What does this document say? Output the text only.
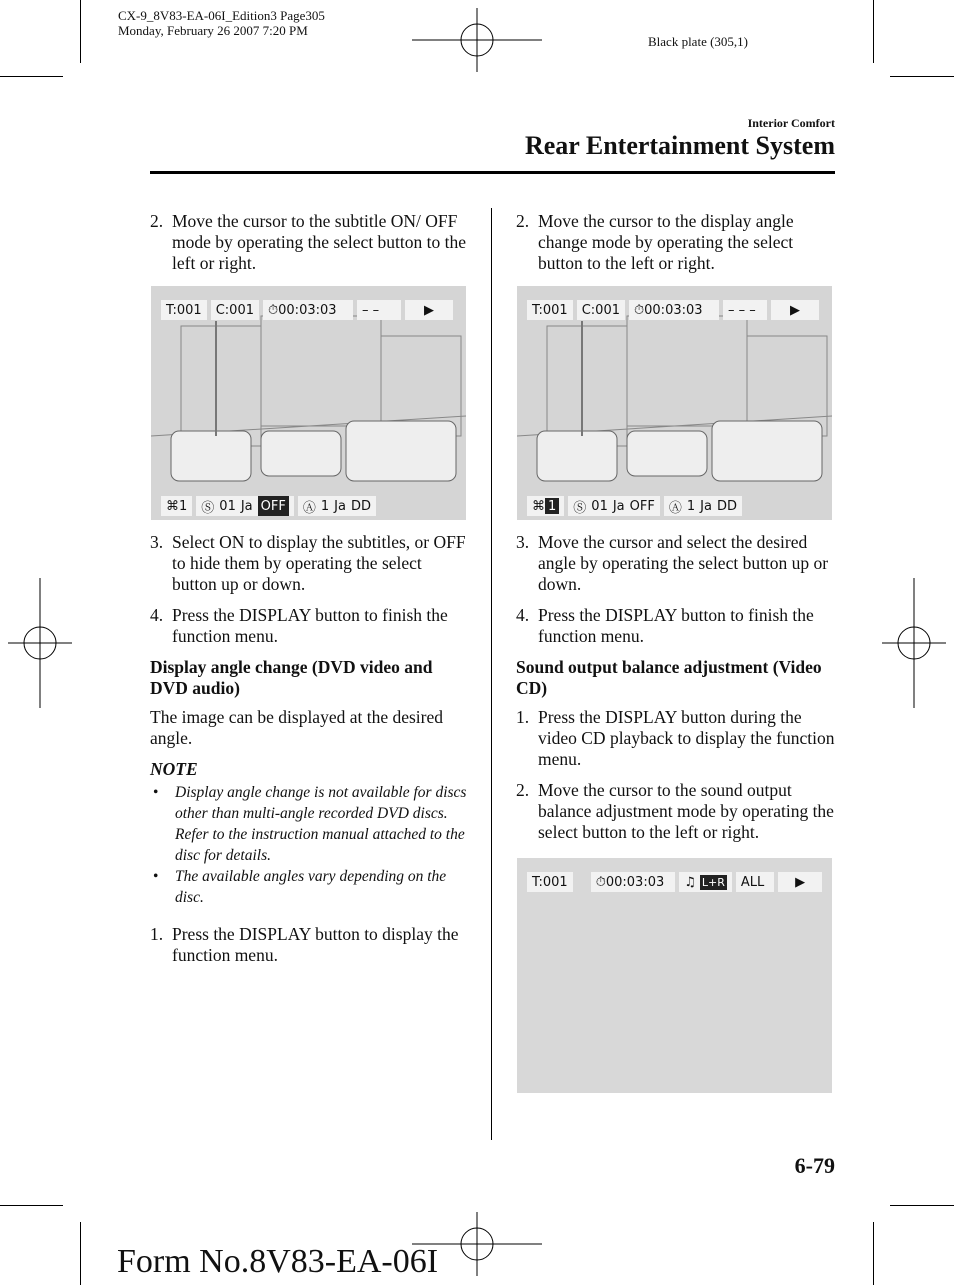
CX-9_8V83-EA-06I_Edition3 Page305
Monday, February 26 2007 7:20 PM
Black plate (305,1)
Interior Comfort
Rear Entertainment System
2. Move the cursor to the subtitle ON/ OFF mode by operating the select button to the left or right.
T:001	C:001	⏱ 00:03:03	– –	▶
⌘ 1	Ⓢ 01 Ja OFF	Ⓐ 1 Ja DD
3. Select ON to display the subtitles, or OFF to hide them by operating the select button up or down.
4. Press the DISPLAY button to finish the function menu.
Display angle change (DVD video and DVD audio)
The image can be displayed at the desired angle.
NOTE
•	Display angle change is not available for discs other than multi-angle recorded DVD discs. Refer to the instruction manual attached to the disc for details.
•	The available angles vary depending on the disc.
1. Press the DISPLAY button to display the function menu.
2. Move the cursor to the display angle change mode by operating the select button to the left or right.
T:001	C:001	⏱ 00:03:03	– – –	▶
⌘ 1	Ⓢ 01 Ja OFF	Ⓐ 1 Ja DD
3. Move the cursor and select the desired angle by operating the select button up or down.
4. Press the DISPLAY button to finish the function menu.
Sound output balance adjustment (Video CD)
1. Press the DISPLAY button during the video CD playback to display the function menu.
2. Move the cursor to the sound output balance adjustment mode by operating the select button to the left or right.
T:001	⏱ 00:03:03 ♫ L+R	ALL	▶
6-79
Form No.8V83-EA-06I
